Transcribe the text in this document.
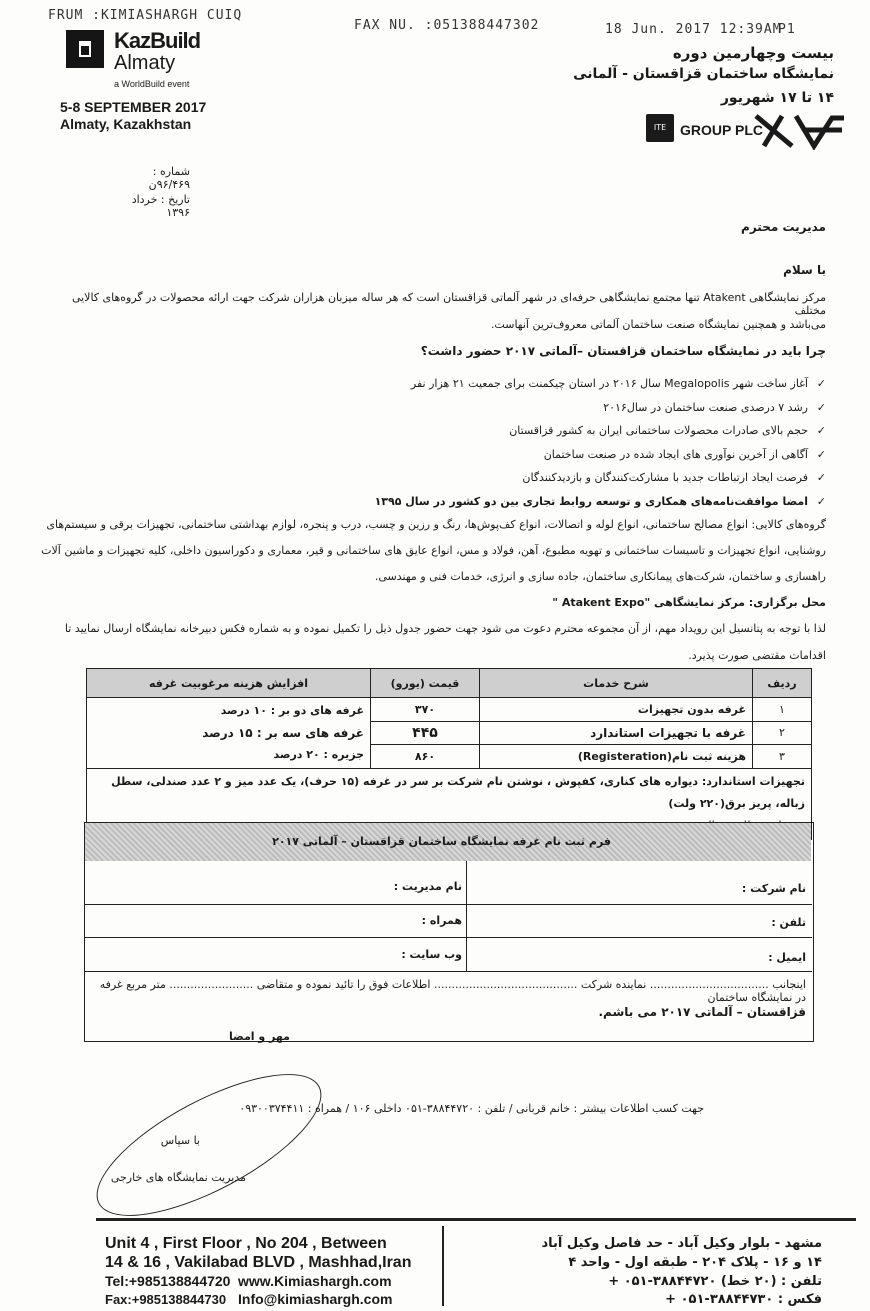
FRUM :KIMIASHARGH CUIQ
FAX NU. :051388447302	18 Jun. 2017 12:39AM
P1
KazBuild
Almaty
a WorldBuild event
5-8 SEPTEMBER 2017
Almaty, Kazakhstan
بیست وچهارمین دوره
نمایشگاه ساختمان قزاقستان - آلمانی
۱۴ تا ۱۷ شهریور
ITE GROUP PLC
شماره : ۹۶/۴۶۹ن
تاریخ : خرداد ۱۳۹۶
مدیریت محترم
با سلام
مرکز نمایشگاهی Atakent تنها مجتمع نمایشگاهی حرفه‌ای در شهر آلماتی قزاقستان است که هر ساله میزبان هزاران شرکت جهت ارائه محصولات در گروه‌های کالایی مختلف
می‌باشد و همچنین نمایشگاه صنعت ساختمان آلماتی معروف‌ترین آنهاست.
چرا باید در نمایشگاه ساختمان قزاقستان –آلماتی ۲۰۱۷ حضور داشت؟
✓آغاز ساخت شهر Megalopolis سال ۲۰۱۶ در استان چیکمنت برای جمعیت ۲۱ هزار نفر
✓رشد ۷ درصدی صنعت ساختمان در سال۲۰۱۶
✓حجم بالای صادرات محصولات ساختمانی ایران به کشور قزاقستان
✓آگاهی از آخرین نوآوری های ایجاد شده در صنعت ساختمان
✓فرصت ایجاد ارتباطات جدید با مشارکت‌کنندگان و بازدیدکنندگان
✓امضا موافقت‌نامه‌های همکاری و توسعه روابط تجاری بین دو کشور در سال ۱۳۹۵
گروه‌های کالایی: انواع مصالح ساختمانی، انواع لوله و اتصالات، انواع کف‌پوش‌ها، رنگ و رزین و چسب، درب و پنجره، لوازم بهداشتی ساختمانی، تجهیزات برقی و سیستم‌های
روشنایی، انواع تجهیزات و تاسیسات ساختمانی و تهویه مطبوع، آهن، فولاد و مس، انواع عایق های ساختمانی و قیر، معماری و دکوراسیون داخلی، کلیه تجهیزات و ماشین آلات
راهسازی و ساختمان، شرکت‌های پیمانکاری ساختمان، جاده سازی و انرژی، خدمات فنی و مهندسی.
محل برگزاری: مرکز نمایشگاهی "Atakent Expo "
لذا با توجه به پتانسیل این رویداد مهم، از آن مجموعه محترم دعوت می شود جهت حضور جدول ذیل را تکمیل نموده و به شماره فکس دبیرخانه نمایشگاه ارسال نمایید تا
اقدامات مقتضی صورت پذیرد.
ردیف	شرح خدمات	قیمت (یورو)	افزایش هزینه مرغوبیت غرفه
۱	غرفه بدون تجهیزات	۳۷۰	غرفه های دو بر : ۱۰ درصد
غرفه های سه بر : ۱۵ درصد
جزیره : ۲۰ درصد

۲	غرفه با تجهیزات استاندارد	۴۴۵	
۳	هزینه ثبت نام(Registeration)	۸۶۰	

تجهیزات استاندارد: دیواره های کناری، کفپوش ، نوشتن نام شرکت بر سر در غرفه (۱۵ حرف)، یک عدد میز و ۲ عدد صندلی، سطل زباله، پریز برق(۲۲۰ ولت)			
فرم ثبت نام غرفه نمایشگاه ساختمان قزاقستان – آلماتی ۲۰۱۷
نام شرکت :
نام مدیریت :
تلفن :
همراه :
ایمیل :
وب سایت :
اینجانب .................................. نماینده شرکت ......................................... اطلاعات فوق را تائید نموده و متقاضی ........................ متر مربع غرفه در نمایشگاه ساختمان
قزاقستان – آلماتی ۲۰۱۷ می باشم.
مهر و امضا
جهت کسب اطلاعات بیشتر : خانم قربانی / تلفن : ۳۸۸۴۴۷۲۰-۰۵۱ داخلی ۱۰۶ / همراه : ۰۹۳۰۰۳۷۴۴۱۱
با سپاس
مدیریت نمایشگاه های خارجی
Unit 4 , First Floor , No 204 , Between
14 & 16 , Vakilabad BLVD , Mashhad,Iran
Tel:+985138844720 www.Kimiashargh.com
Fax:+985138844730 Info@kimiashargh.com
مشهد - بلوار وکیل آباد - حد فاصل وکیل آباد
۱۴ و ۱۶ - پلاک ۲۰۴ - طبقه اول - واحد ۴
تلفن : (۲۰ خط) ۳۸۸۴۴۷۲۰-۰۵۱ +
فکس : ۳۸۸۴۴۷۳۰-۰۵۱ +
